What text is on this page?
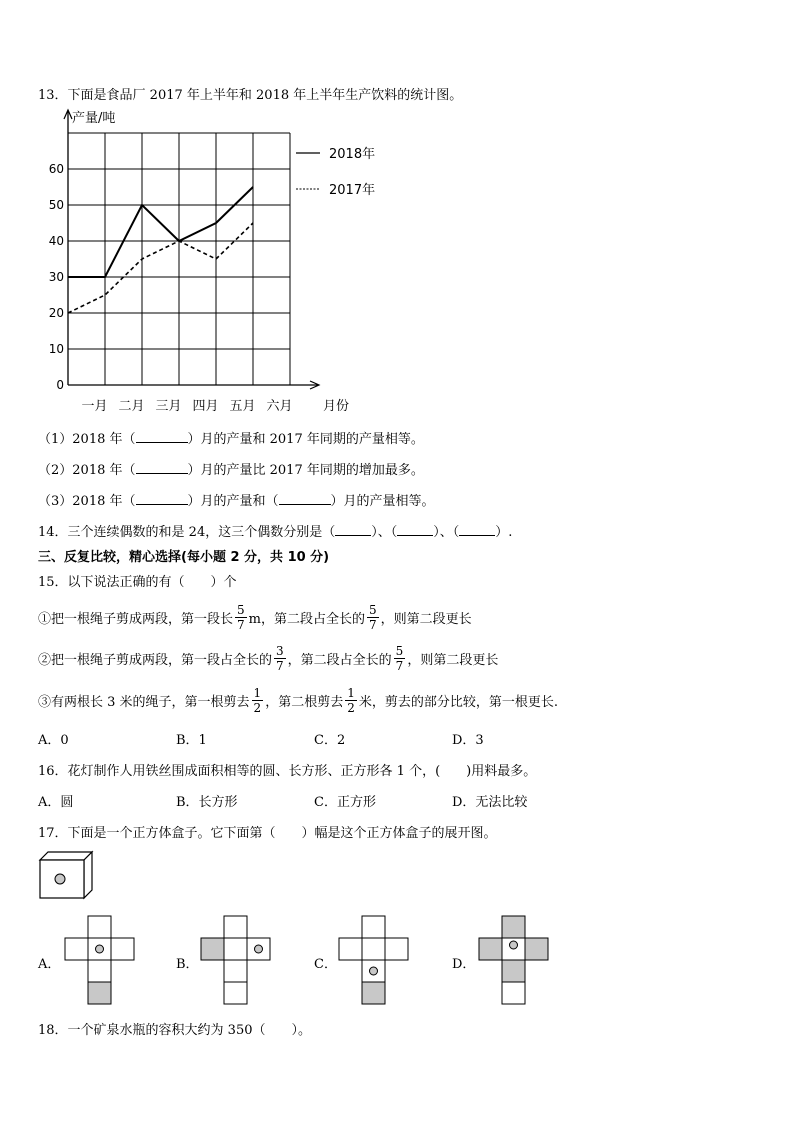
13．下面是食品厂 2017 年上半年和 2018 年上半年生产饮料的统计图。
产量/吨
0
10
20
30
40
50
60
一月 二月 三月 四月 五月 六月 月份
2018年
2017年
（1）2018 年（	）月的产量和 2017 年同期的产量相等。
（2）2018 年（	）月的产量比 2017 年同期的增加最多。
（3）2018 年（	）月的产量和（	）月的产量相等。
14．三个连续偶数的和是 24，这三个偶数分别是（	）、（	）、（	）.
三、反复比较，精心选择(每小题 2 分，共 10 分)
15．以下说法正确的有（　　）个
①把一根绳子剪成两段，第一段长 $\frac{5}{7}$ m，第二段占全长的 $\frac{5}{7}$ ，则第二段更长
②把一根绳子剪成两段，第一段占全长的 $\frac{3}{7}$ ，第二段占全长的 $\frac{5}{7}$ ，则第二段更长
③有两根长 3 米的绳子，第一根剪去 $\frac{1}{2}$ ，第二根剪去 $\frac{1}{2}$ 米，剪去的部分比较，第一根更长.
A．0	B．1	C．2	D．3
16．花灯制作人用铁丝围成面积相等的圆、长方形、正方形各 1 个，(　　)用料最多。
A．圆	B．长方形	C．正方形	D．无法比较
17．下面是一个正方体盒子。它下面第（　　）幅是这个正方体盒子的展开图。
A．	B．	C．	D．
18．一个矿泉水瓶的容积大约为 350（　　）。
